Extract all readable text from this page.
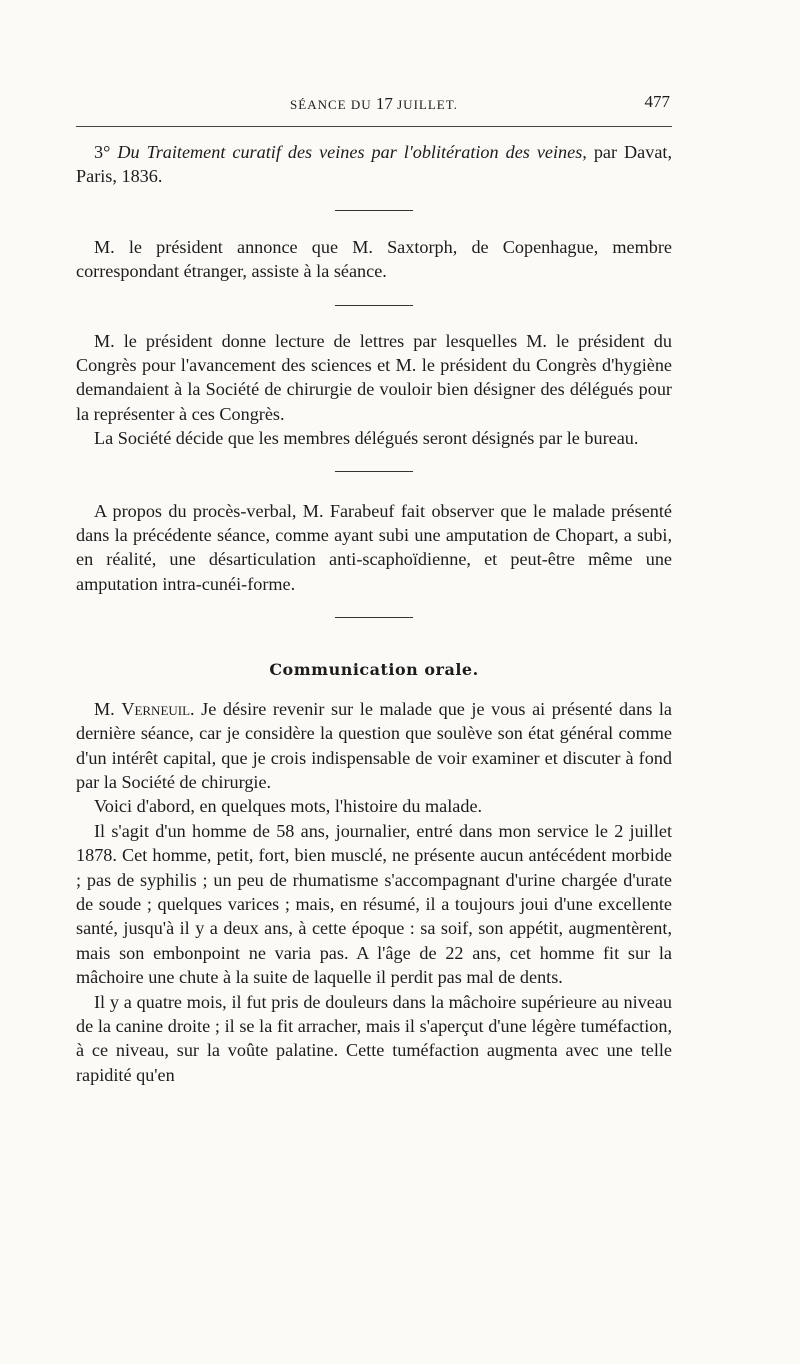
SÉANCE DU 17 JUILLET.	477

3° Du Traitement curatif des veines par l'oblitération des veines, par Davat, Paris, 1836.

M. le président annonce que M. Saxtorph, de Copenhague, membre correspondant étranger, assiste à la séance.

M. le président donne lecture de lettres par lesquelles M. le président du Congrès pour l'avancement des sciences et M. le président du Congrès d'hygiène demandaient à la Société de chirurgie de vouloir bien désigner des délégués pour la représenter à ces Congrès.

La Société décide que les membres délégués seront désignés par le bureau.

A propos du procès-verbal, M. Farabeuf fait observer que le malade présenté dans la précédente séance, comme ayant subi une amputation de Chopart, a subi, en réalité, une désarticulation anti-scaphoïdienne, et peut-être même une amputation intra-cunéi-forme.

Communication orale.

M. Verneuil. Je désire revenir sur le malade que je vous ai présenté dans la dernière séance, car je considère la question que soulève son état général comme d'un intérêt capital, que je crois indispensable de voir examiner et discuter à fond par la Société de chirurgie.

Voici d'abord, en quelques mots, l'histoire du malade.

Il s'agit d'un homme de 58 ans, journalier, entré dans mon service le 2 juillet 1878. Cet homme, petit, fort, bien musclé, ne présente aucun antécédent morbide ; pas de syphilis ; un peu de rhumatisme s'accompagnant d'urine chargée d'urate de soude ; quelques varices ; mais, en résumé, il a toujours joui d'une excellente santé, jusqu'à il y a deux ans, à cette époque : sa soif, son appétit, augmentèrent, mais son embonpoint ne varia pas. A l'âge de 22 ans, cet homme fit sur la mâchoire une chute à la suite de laquelle il perdit pas mal de dents.

Il y a quatre mois, il fut pris de douleurs dans la mâchoire supérieure au niveau de la canine droite ; il se la fit arracher, mais il s'aperçut d'une légère tuméfaction, à ce niveau, sur la voûte palatine. Cette tuméfaction augmenta avec une telle rapidité qu'en
